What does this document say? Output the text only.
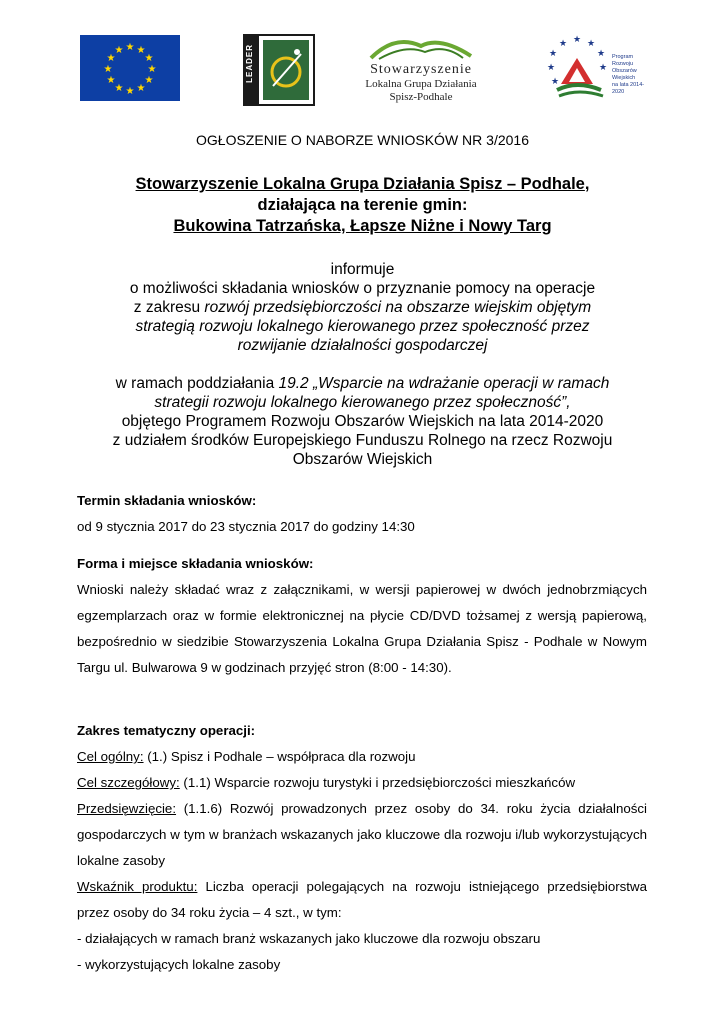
★ ★
★
★
★
★
★
★
★
★
★
★	LEADER	Stowarzyszenie
Lokalna Grupa Działania
Spisz-Podhale
★ ★
★
★
★
★
★
★
Program
Rozwoju
Obszarów
Wiejskich
na lata 2014-2020
OGŁOSZENIE O NABORZE WNIOSKÓW NR 3/2016
Stowarzyszenie Lokalna Grupa Działania Spisz – Podhale,
działająca na terenie gmin:
Bukowina Tatrzańska, Łapsze Niżne i Nowy Targ
informuje
o możliwości składania wniosków o przyznanie pomocy na operacje
z zakresu rozwój przedsiębiorczości na obszarze wiejskim objętym
strategią rozwoju lokalnego kierowanego przez społeczność przez
rozwijanie działalności gospodarczej
w ramach poddziałania 19.2 „Wsparcie na wdrażanie operacji w ramach
strategii rozwoju lokalnego kierowanego przez społeczność”,
objętego Programem Rozwoju Obszarów Wiejskich na lata 2014-2020
z udziałem środków Europejskiego Funduszu Rolnego na rzecz Rozwoju
Obszarów Wiejskich
Termin składania wniosków:
od 9 stycznia 2017 do 23 stycznia 2017 do godziny 14:30
Forma i miejsce składania wniosków:
Wnioski należy składać wraz z załącznikami, w wersji papierowej w dwóch jednobrzmiących egzemplarzach oraz w formie elektronicznej na płycie CD/DVD tożsamej z wersją papierową, bezpośrednio w siedzibie Stowarzyszenia Lokalna Grupa Działania Spisz - Podhale w Nowym Targu ul. Bulwarowa 9 w godzinach przyjęć stron (8:00 - 14:30).
Zakres tematyczny operacji:
Cel ogólny: (1.) Spisz i Podhale – współpraca dla rozwoju
Cel szczegółowy: (1.1) Wsparcie rozwoju turystyki i przedsiębiorczości mieszkańców
Przedsięwzięcie: (1.1.6) Rozwój prowadzonych przez osoby do 34. roku życia działalności gospodarczych w tym w branżach wskazanych jako kluczowe dla rozwoju i/lub wykorzystujących lokalne zasoby
Wskaźnik produktu: Liczba operacji polegających na rozwoju istniejącego przedsiębiorstwa przez osoby do 34 roku życia – 4 szt., w tym:
- działających w ramach branż wskazanych jako kluczowe dla rozwoju obszaru
- wykorzystujących lokalne zasoby
